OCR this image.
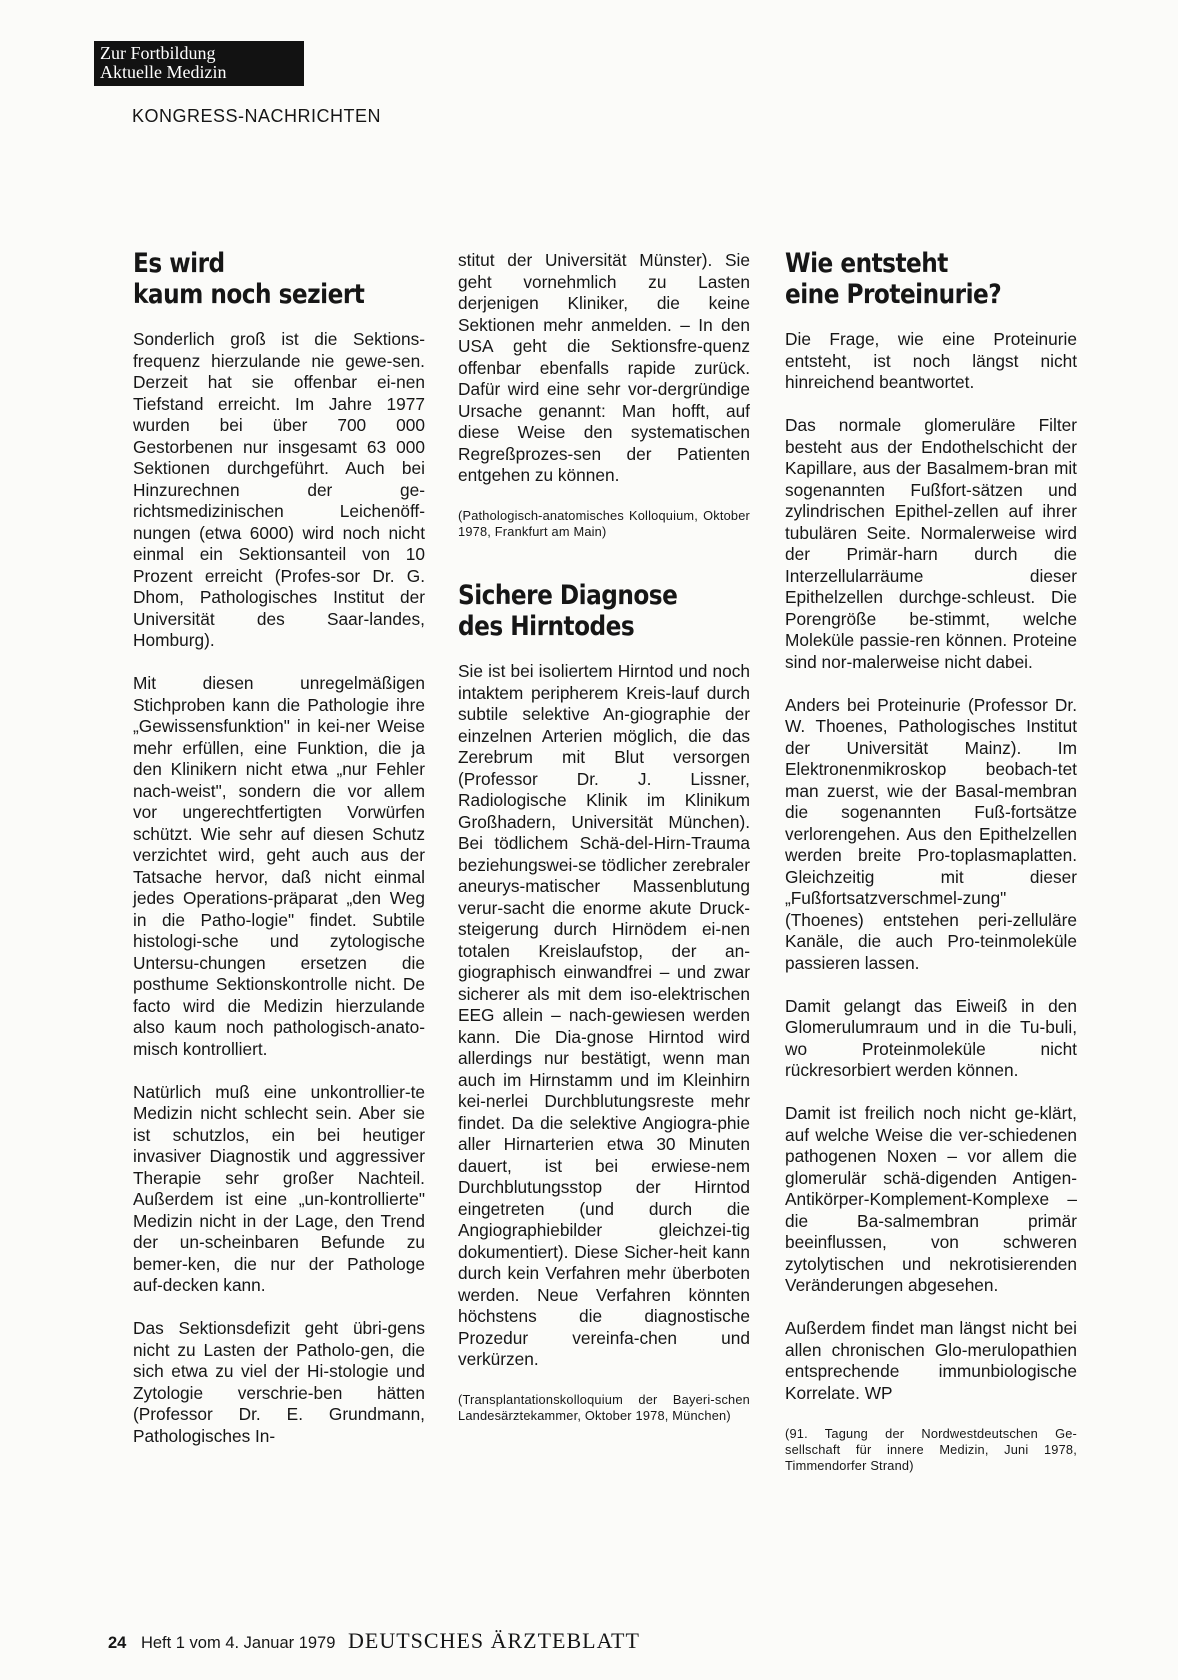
Zur Fortbildung
Aktuelle Medizin
KONGRESS-NACHRICHTEN
Es wird
kaum noch seziert

Sonderlich groß ist die Sektions-frequenz hierzulande nie gewe-sen. Derzeit hat sie offenbar ei-nen Tiefstand erreicht. Im Jahre 1977 wurden bei über 700 000 Gestorbenen nur insgesamt 63 000 Sektionen durchgeführt. Auch bei Hinzurechnen der ge-richtsmedizinischen Leichenöff-nungen (etwa 6000) wird noch nicht einmal ein Sektionsanteil von 10 Prozent erreicht (Profes-sor Dr. G. Dhom, Pathologisches Institut der Universität des Saar-landes, Homburg).

Mit diesen unregelmäßigen Stichproben kann die Pathologie ihre „Gewissensfunktion" in kei-ner Weise mehr erfüllen, eine Funktion, die ja den Klinikern nicht etwa „nur Fehler nach-weist", sondern die vor allem vor ungerechtfertigten Vorwürfen schützt. Wie sehr auf diesen Schutz verzichtet wird, geht auch aus der Tatsache hervor, daß nicht einmal jedes Operations-präparat „den Weg in die Patho-logie" findet. Subtile histologi-sche und zytologische Untersu-chungen ersetzen die posthume Sektionskontrolle nicht. De facto wird die Medizin hierzulande also kaum noch pathologisch-anato-misch kontrolliert.

Natürlich muß eine unkontrollier-te Medizin nicht schlecht sein. Aber sie ist schutzlos, ein bei heutiger invasiver Diagnostik und aggressiver Therapie sehr großer Nachteil. Außerdem ist eine „un-kontrollierte" Medizin nicht in der Lage, den Trend der un-scheinbaren Befunde zu bemer-ken, die nur der Pathologe auf-decken kann.

Das Sektionsdefizit geht übri-gens nicht zu Lasten der Patholo-gen, die sich etwa zu viel der Hi-stologie und Zytologie verschrie-ben hätten (Professor Dr. E. Grundmann, Pathologisches In-

stitut der Universität Münster). Sie geht vornehmlich zu Lasten derjenigen Kliniker, die keine Sektionen mehr anmelden. – In den USA geht die Sektionsfre-quenz offenbar ebenfalls rapide zurück. Dafür wird eine sehr vor-dergründige Ursache genannt: Man hofft, auf diese Weise den systematischen Regreßprozes-sen der Patienten entgehen zu können.

(Pathologisch-anatomisches Kolloquium, Oktober 1978, Frankfurt am Main)

Sichere Diagnose
des Hirntodes

Sie ist bei isoliertem Hirntod und noch intaktem peripherem Kreis-lauf durch subtile selektive An-giographie der einzelnen Arterien möglich, die das Zerebrum mit Blut versorgen (Professor Dr. J. Lissner, Radiologische Klinik im Klinikum Großhadern, Universität München). Bei tödlichem Schä-del-Hirn-Trauma beziehungswei-se tödlicher zerebraler aneurys-matischer Massenblutung verur-sacht die enorme akute Druck-steigerung durch Hirnödem ei-nen totalen Kreislaufstop, der an-giographisch einwandfrei – und zwar sicherer als mit dem iso-elektrischen EEG allein – nach-gewiesen werden kann. Die Dia-gnose Hirntod wird allerdings nur bestätigt, wenn man auch im Hirnstamm und im Kleinhirn kei-nerlei Durchblutungsreste mehr findet. Da die selektive Angiogra-phie aller Hirnarterien etwa 30 Minuten dauert, ist bei erwiese-nem Durchblutungsstop der Hirntod eingetreten (und durch die Angiographiebilder gleichzei-tig dokumentiert). Diese Sicher-heit kann durch kein Verfahren mehr überboten werden. Neue Verfahren könnten höchstens die diagnostische Prozedur vereinfa-chen und verkürzen.

(Transplantationskolloquium der Bayeri-schen Landesärztekammer, Oktober 1978, München)

Wie entsteht
eine Proteinurie?

Die Frage, wie eine Proteinurie entsteht, ist noch längst nicht hinreichend beantwortet.

Das normale glomeruläre Filter besteht aus der Endothelschicht der Kapillare, aus der Basalmem-bran mit sogenannten Fußfort-sätzen und zylindrischen Epithel-zellen auf ihrer tubulären Seite. Normalerweise wird der Primär-harn durch die Interzellularräume dieser Epithelzellen durchge-schleust. Die Porengröße be-stimmt, welche Moleküle passie-ren können. Proteine sind nor-malerweise nicht dabei.

Anders bei Proteinurie (Professor Dr. W. Thoenes, Pathologisches Institut der Universität Mainz). Im Elektronenmikroskop beobach-tet man zuerst, wie der Basal-membran die sogenannten Fuß-fortsätze verlorengehen. Aus den Epithelzellen werden breite Pro-toplasmaplatten. Gleichzeitig mit dieser „Fußfortsatzverschmel-zung" (Thoenes) entstehen peri-zelluläre Kanäle, die auch Pro-teinmoleküle passieren lassen.

Damit gelangt das Eiweiß in den Glomerulumraum und in die Tu-buli, wo Proteinmoleküle nicht rückresorbiert werden können.

Damit ist freilich noch nicht ge-klärt, auf welche Weise die ver-schiedenen pathogenen Noxen – vor allem die glomerulär schä-digenden Antigen-Antikörper-Komplement-Komplexe – die Ba-salmembran primär beeinflussen, von schweren zytolytischen und nekrotisierenden Veränderungen abgesehen.

Außerdem findet man längst nicht bei allen chronischen Glo-merulopathien entsprechende immunbiologische Korrelate. WP

(91. Tagung der Nordwestdeutschen Ge-sellschaft für innere Medizin, Juni 1978, Timmendorfer Strand)

24 Heft 1 vom 4. Januar 1979 DEUTSCHES ÄRZTEBLATT
